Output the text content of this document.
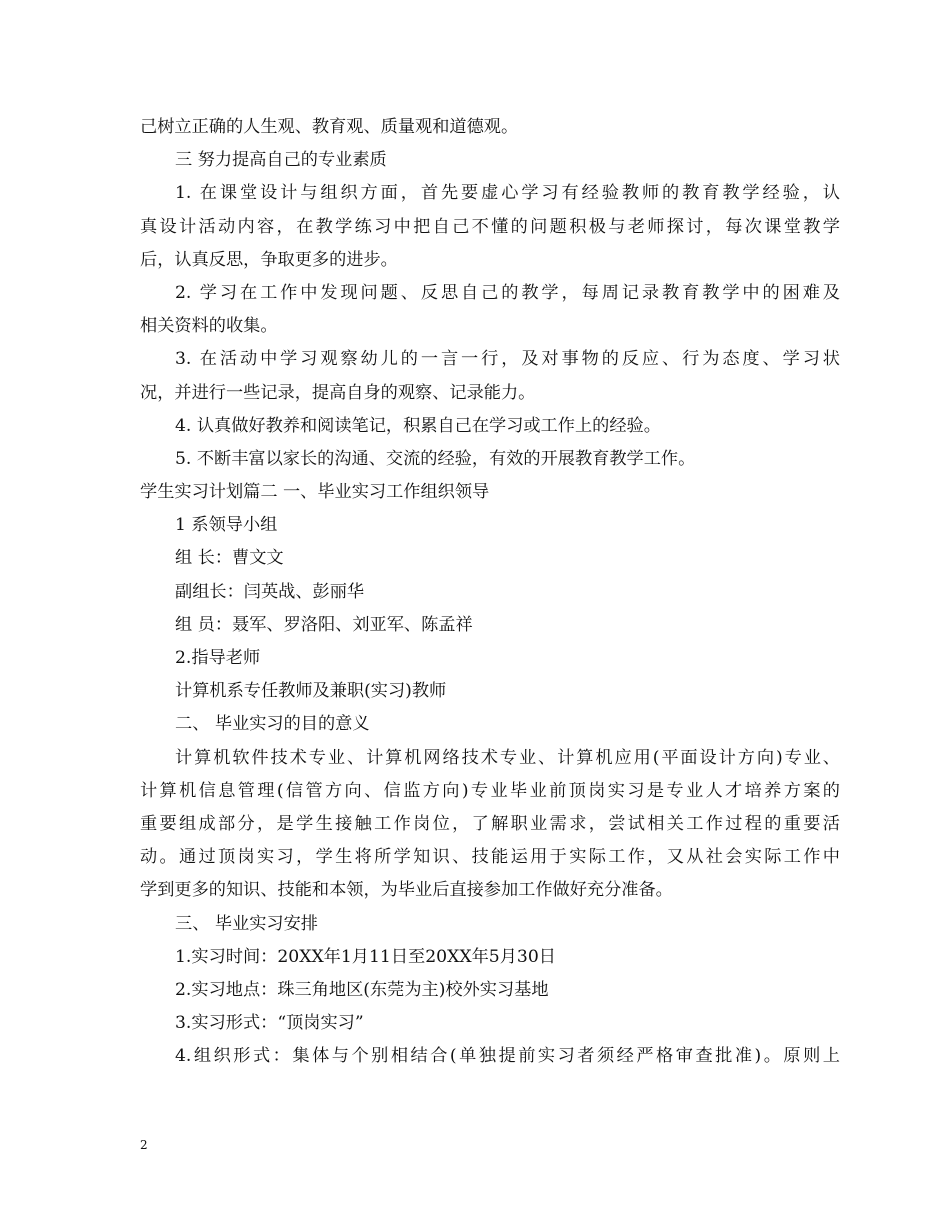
己树立正确的人生观、教育观、质量观和道德观。
三 努力提高自己的专业素质
1. 在课堂设计与组织方面，首先要虚心学习有经验教师的教育教学经验，认
真设计活动内容，在教学练习中把自己不懂的问题积极与老师探讨，每次课堂教学
后，认真反思，争取更多的进步。
2. 学习在工作中发现问题、反思自己的教学，每周记录教育教学中的困难及
相关资料的收集。
3. 在活动中学习观察幼儿的一言一行，及对事物的反应、行为态度、学习状
况，并进行一些记录，提高自身的观察、记录能力。
4. 认真做好教养和阅读笔记，积累自己在学习或工作上的经验。
5. 不断丰富以家长的沟通、交流的经验，有效的开展教育教学工作。
学生实习计划篇二 一、毕业实习工作组织领导
1 系领导小组
组 长：曹文文
副组长：闫英战、彭丽华
组 员：聂军、罗洛阳、刘亚军、陈孟祥
2.指导老师
计算机系专任教师及兼职(实习)教师
二、 毕业实习的目的意义
计算机软件技术专业、计算机网络技术专业、计算机应用(平面设计方向)专业、
计算机信息管理(信管方向、信监方向)专业毕业前顶岗实习是专业人才培养方案的
重要组成部分，是学生接触工作岗位，了解职业需求，尝试相关工作过程的重要活
动。通过顶岗实习，学生将所学知识、技能运用于实际工作，又从社会实际工作中
学到更多的知识、技能和本领，为毕业后直接参加工作做好充分准备。
三、 毕业实习安排
1.实习时间：20XX年1月11日至20XX年5月30日
2.实习地点：珠三角地区(东莞为主)校外实习基地
3.实习形式：“顶岗实习”
4.组织形式：集体与个别相结合(单独提前实习者须经严格审查批准)。原则上
2
